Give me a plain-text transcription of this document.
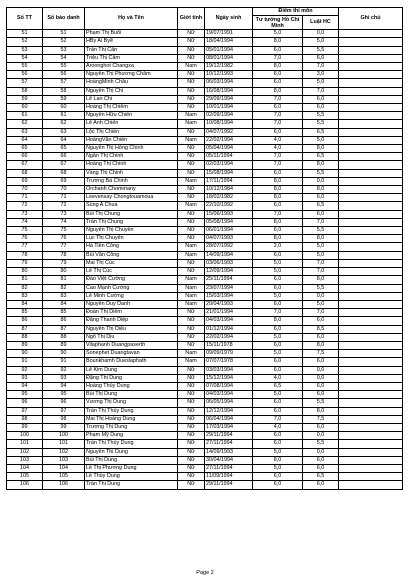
Số TT	Số báo danh	Họ và Tên	Giới tính	Ngày sinh	Điểm thi môn		Ghi chú
					Tư tưởng Hồ Chí Minh	Luật HC	
51	51	Phạm Thị Buổi	Nữ	19/07/1991	5,0	0,0	
52	52	HBy Ai Byẽ	Nữ	18/04/1994	8,0	5,0	
53	53	Trần Thị Cẩn	Nữ	05/01/1994	6,0	5,5	
54	54	Triệu Thị Cẩm	Nữ	08/01/1994	7,0	6,0	
55	55	Aroonghot Changxa	Nam	19/12/1982	8,0	7,0	
56	56	Nguyễn Thị Phương Châm	Nữ	10/12/1993	6,0	3,0	
57	57	HoàngMinh Châu	Nữ	06/03/1994	6,0	5,0	
58	58	Nguyễn Thị Chi	Nữ	16/08/1994	8,0	7,0	
59	59	Lê Lan Chi	Nữ	29/09/1994	7,0	6,0	
60	60	Hoàng Thị Chiêm	Nữ	10/01/1994	6,0	6,0	
61	61	Nguyễn Hữu Chiến	Nam	02/09/1994	7,0	5,5	
62	62	Lê Anh Chiến	Nam	10/08/1994	7,0	5,5	
63	63	Lộc Thị Chiến	Nữ	04/07/1992	6,0	6,5	
64	64	HoàngVăn Chiến	Nam	22/02/1994	4,0	5,0	
65	65	Nguyễn Thị Hồng Chinh	Nữ	05/04/1994	4,0	8,0	
66	66	Ngân Thị Chinh	Nữ	05/11/1994	7,0	6,5	
67	67	Hoàng Thị Chinh	Nữ	02/03/1994	7,0	8,0	
68	68	Vàng Thị Chinh	Nữ	15/08/1994	6,0	5,5	
69	69	Trương Bá Chinh	Nam	17/11/1994	8,0	0,0	
70	70	Orchanh Chommany	Nữ	10/12/1984	8,0	8,0	
71	71	Leevensay Chongtouamoua	Nữ	18/02/1982	8,0	6,0	
72	72	Sùng A Chua	Nam	22/10/1992	6,0	6,5	
73	73	Bùi Thị Chung	Nữ	15/06/1993	7,0	6,0	
74	74	Trần Thị Chung	Nữ	05/08/1994	8,0	7,0	
75	75	Nguyễn Thị Chuyền	Nữ	06/01/1994	6,0	5,5	
76	76	Lục Thị Chuyên	Nữ	04/07/1993	8,0	8,0	
77	77	Hà Tiến Công	Nam	28/07/1992	2,0	5,0	
78	78	Bùi Văn Công	Nam	14/09/1994	6,0	5,0	
79	79	Mai Thị Cúc	Nữ	03/06/1993	5,0	7,0	
80	80	Lê Thị Cúc	Nữ	12/09/1994	5,0	7,0	
81	81	Đào Việt Cường	Nam	25/11/1994	6,0	8,0	
82	82	Cao Mạnh Cường	Nam	23/07/1994	6,0	5,5	
83	83	Lê Minh Cường	Nam	15/03/1994	5,0	0,0	
84	84	Nguyễn Duy Danh	Nam	20/04/1993	6,0	5,0	
85	85	Đoàn Thị Diễm	Nữ	21/01/1994	7,0	7,0	
86	86	Đặng Thanh Diệp	Nữ	04/03/1994	8,0	6,0	
87	87	Nguyễn Thị Diệu	Nữ	01/12/1994	6,0	8,5	
88	88	Ngô Thị Dịu	Nữ	22/02/1994	5,0	6,0	
89	89	Vilaphanh Duangpaserth	Nữ	15/11/1978	6,0	8,0	
90	90	Sonephet Duangtavan	Nam	09/09/1979	5,0	7,5	
91	91	Bounkhamh Dueslaphath	Nam	07/07/1978	6,0	6,0	
92	92	Lê Kim Dung	Nữ	03/03/1994	6,0	0,0	
93	93	Đặng Thị Dung	Nữ	15/12/1994	4,0	0,0	
94	94	Hoàng Thùy Dung	Nữ	07/08/1994	6,5	6,0	
95	95	Bùi Thị Dung	Nữ	04/03/1994	5,0	6,0	
96	96	Vương Thị Dung	Nữ	06/05/1994	6,0	5,5	
97	97	Trần Thị Thùy Dung	Nữ	12/12/1994	6,0	8,0	
98	98	Mai Thị Hoàng Dung	Nữ	06/04/1994	7,0	7,5	
99	99	Trương Thị Dung	Nữ	17/03/1994	4,0	6,0	
100	100	Phạm Mỹ Dung	Nữ	29/11/1994	6,0	0,0	
101	101	Trần Thị Thùy Dung	Nữ	27/11/1994	6,0	5,5	
102	102	Nguyễn Thị Dung	Nữ	14/09/1993	5,0	0,0	
103	103	Bùi Thị Dung	Nữ	30/04/1994	8,0	6,0	
104	104	Lê Thị Phương Dung	Nữ	27/11/1994	5,0	6,0	
105	105	Lê Thùy Dung	Nữ	11/09/1994	6,0	6,5	
106	106	Trần Thị Dung	Nữ	29/11/1994	6,0	6,0	
Page 2
